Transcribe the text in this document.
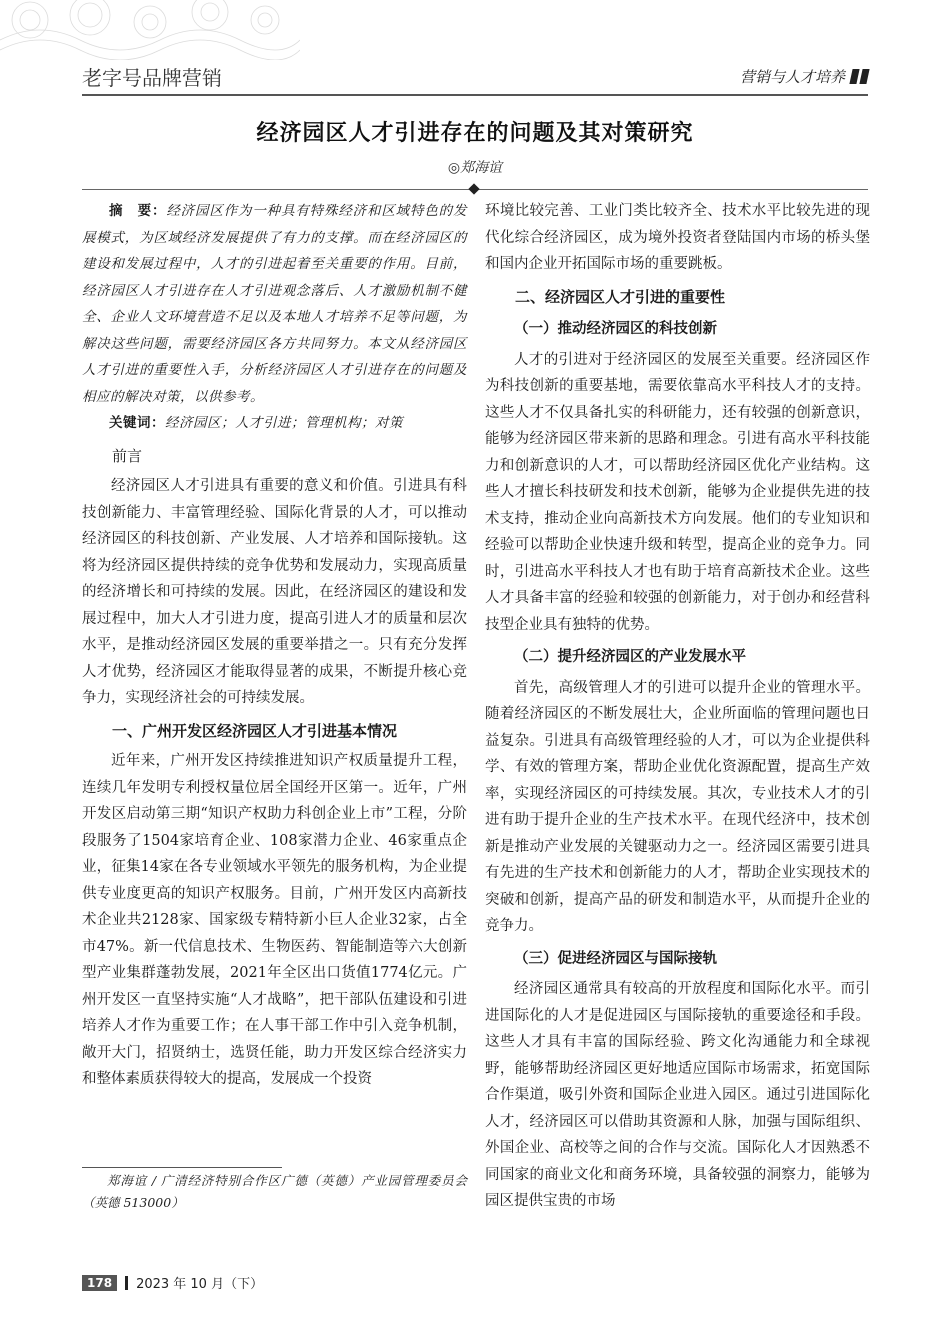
老字号品牌营销	营销与人才培养
经济园区人才引进存在的问题及其对策研究
◎郑海谊

摘　要：经济园区作为一种具有特殊经济和区域特色的发展模式，为区域经济发展提供了有力的支撑。而在经济园区的建设和发展过程中，人才的引进起着至关重要的作用。目前，经济园区人才引进存在人才引进观念落后、人才激励机制不健全、企业人文环境营造不足以及本地人才培养不足等问题，为解决这些问题，需要经济园区各方共同努力。本文从经济园区人才引进的重要性入手，分析经济园区人才引进存在的问题及相应的解决对策，以供参考。

关键词：经济园区；人才引进；管理机构；对策

前言

经济园区人才引进具有重要的意义和价值。引进具有科技创新能力、丰富管理经验、国际化背景的人才，可以推动经济园区的科技创新、产业发展、人才培养和国际接轨。这将为经济园区提供持续的竞争优势和发展动力，实现高质量的经济增长和可持续的发展。因此，在经济园区的建设和发展过程中，加大人才引进力度，提高引进人才的质量和层次水平，是推动经济园区发展的重要举措之一。只有充分发挥人才优势，经济园区才能取得显著的成果，不断提升核心竞争力，实现经济社会的可持续发展。

一、广州开发区经济园区人才引进基本情况

近年来，广州开发区持续推进知识产权质量提升工程，连续几年发明专利授权量位居全国经开区第一。近年，广州开发区启动第三期“知识产权助力科创企业上市”工程，分阶段服务了1504家培育企业、108家潜力企业、46家重点企业，征集14家在各专业领域水平领先的服务机构，为企业提供专业度更高的知识产权服务。目前，广州开发区内高新技术企业共2128家、国家级专精特新小巨人企业32家，占全市47%。新一代信息技术、生物医药、智能制造等六大创新型产业集群蓬勃发展，2021年全区出口货值1774亿元。广州开发区一直坚持实施“人才战略”，把干部队伍建设和引进培养人才作为重要工作；在人事干部工作中引入竞争机制，敞开大门，招贤纳士，选贤任能，助力开发区综合经济实力和整体素质获得较大的提高，发展成一个投资

环境比较完善、工业门类比较齐全、技术水平比较先进的现代化综合经济园区，成为境外投资者登陆国内市场的桥头堡和国内企业开拓国际市场的重要跳板。

二、经济园区人才引进的重要性
（一）推动经济园区的科技创新

人才的引进对于经济园区的发展至关重要。经济园区作为科技创新的重要基地，需要依靠高水平科技人才的支持。这些人才不仅具备扎实的科研能力，还有较强的创新意识，能够为经济园区带来新的思路和理念。引进有高水平科技能力和创新意识的人才，可以帮助经济园区优化产业结构。这些人才擅长科技研发和技术创新，能够为企业提供先进的技术支持，推动企业向高新技术方向发展。他们的专业知识和经验可以帮助企业快速升级和转型，提高企业的竞争力。同时，引进高水平科技人才也有助于培育高新技术企业。这些人才具备丰富的经验和较强的创新能力，对于创办和经营科技型企业具有独特的优势。

（二）提升经济园区的产业发展水平

首先，高级管理人才的引进可以提升企业的管理水平。随着经济园区的不断发展壮大，企业所面临的管理问题也日益复杂。引进具有高级管理经验的人才，可以为企业提供科学、有效的管理方案，帮助企业优化资源配置，提高生产效率，实现经济园区的可持续发展。其次，专业技术人才的引进有助于提升企业的生产技术水平。在现代经济中，技术创新是推动产业发展的关键驱动力之一。经济园区需要引进具有先进的生产技术和创新能力的人才，帮助企业实现技术的突破和创新，提高产品的研发和制造水平，从而提升企业的竞争力。

（三）促进经济园区与国际接轨

经济园区通常具有较高的开放程度和国际化水平。而引进国际化的人才是促进园区与国际接轨的重要途径和手段。这些人才具有丰富的国际经验、跨文化沟通能力和全球视野，能够帮助经济园区更好地适应国际市场需求，拓宽国际合作渠道，吸引外资和国际企业进入园区。通过引进国际化人才，经济园区可以借助其资源和人脉，加强与国际组织、外国企业、高校等之间的合作与交流。国际化人才因熟悉不同国家的商业文化和商务环境，具备较强的洞察力，能够为园区提供宝贵的市场

郑海谊 / 广清经济特别合作区广德（英德）产业园管理委员会（英德 513000）
178	2023 年 10 月（下）
